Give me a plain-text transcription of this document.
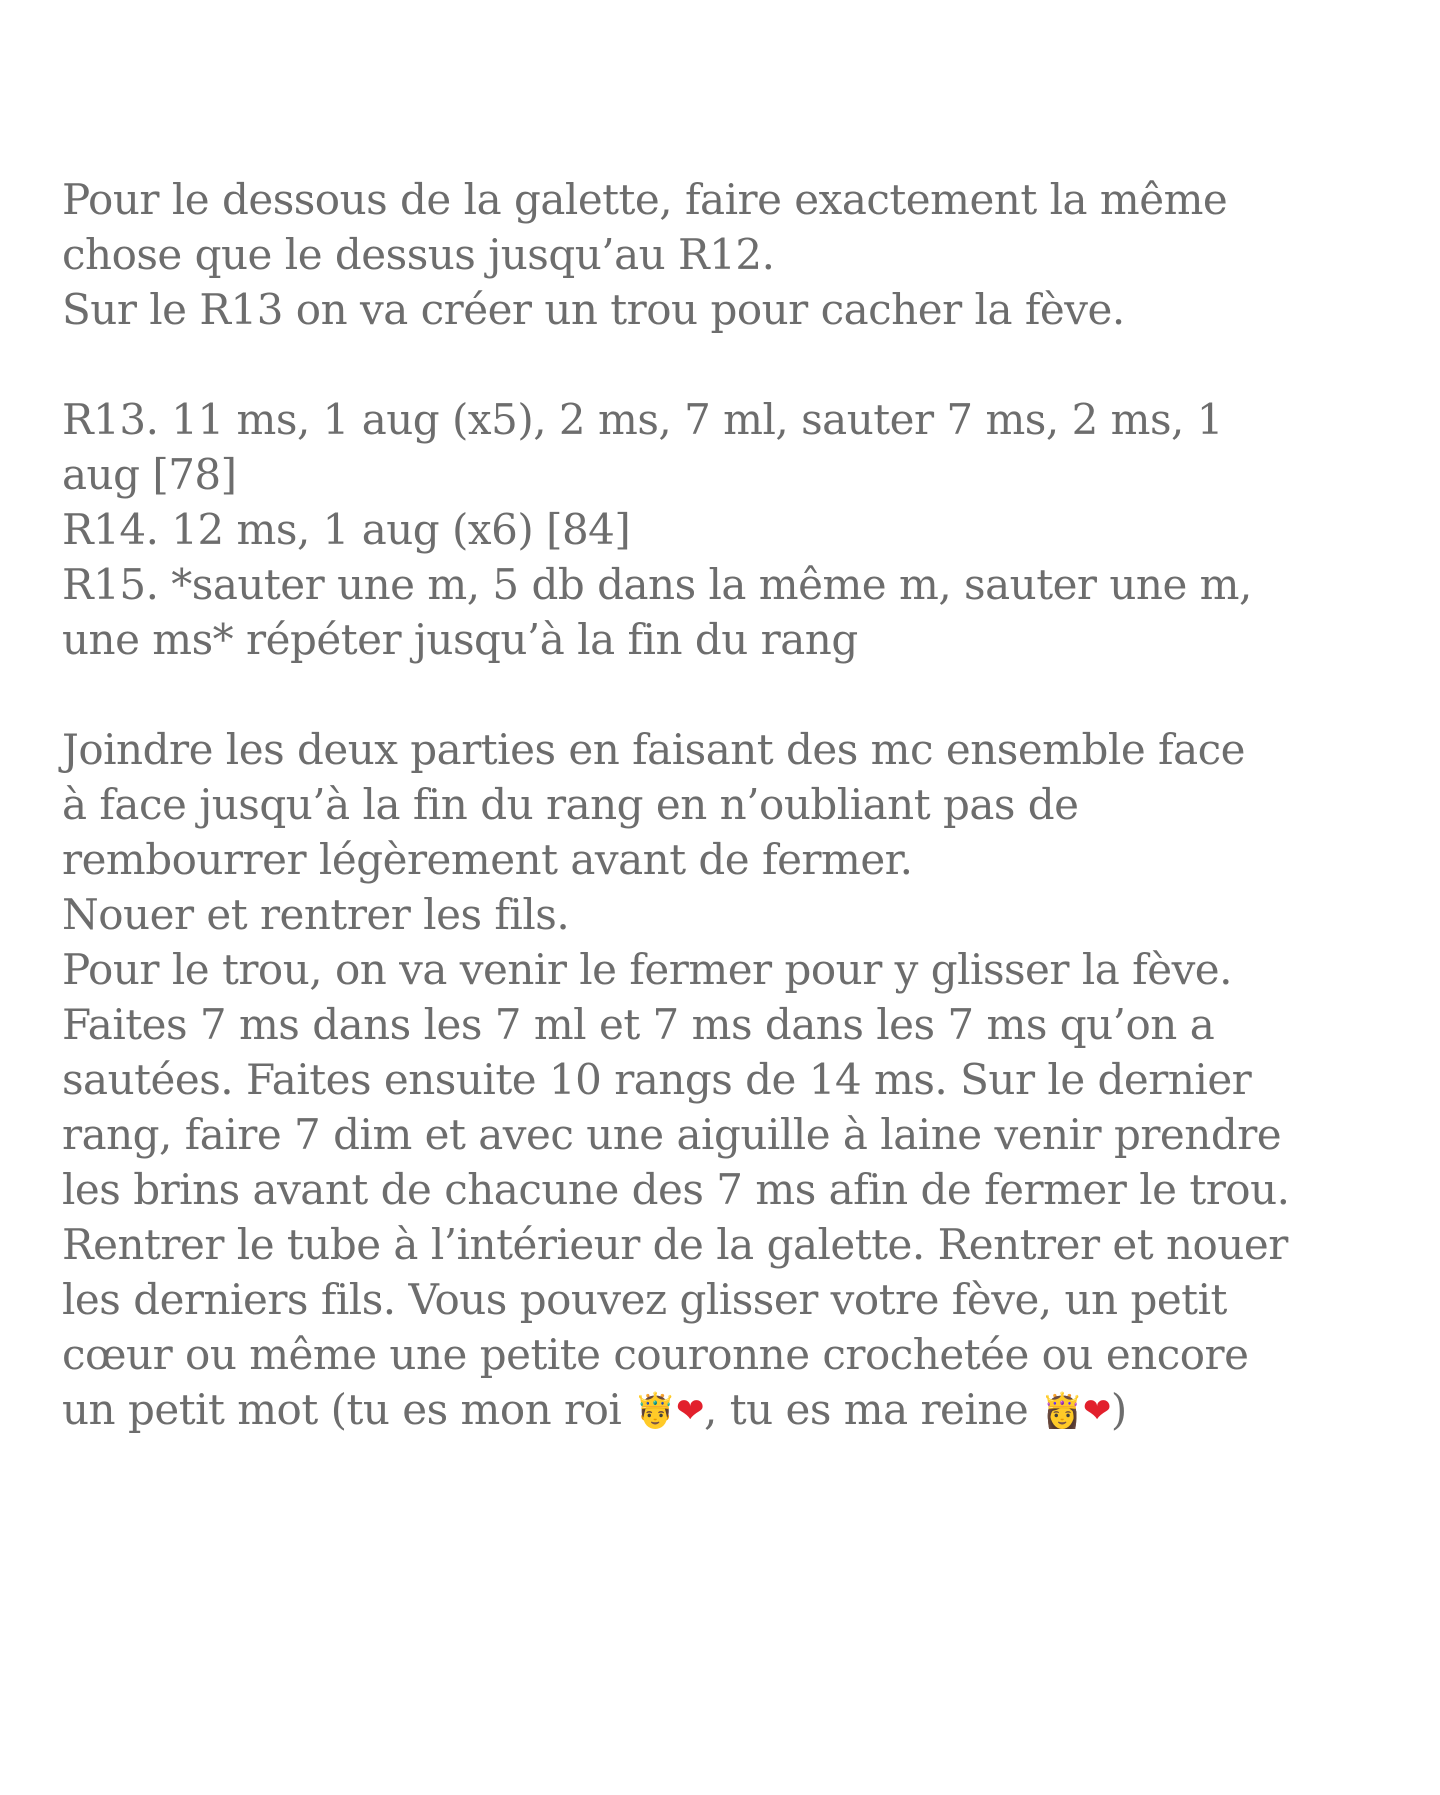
Pour le dessous de la galette, faire exactement la même
chose que le dessus jusqu’au R12.
Sur le R13 on va créer un trou pour cacher la fève.
R13. 11 ms, 1 aug (x5), 2 ms, 7 ml, sauter 7 ms, 2 ms, 1
aug [78]
R14. 12 ms, 1 aug (x6) [84]
R15. *sauter une m, 5 db dans la même m, sauter une m,
une ms* répéter jusqu’à la fin du rang
Joindre les deux parties en faisant des mc ensemble face
à face jusqu’à la fin du rang en n’oubliant pas de
rembourrer légèrement avant de fermer.
Nouer et rentrer les fils.
Pour le trou, on va venir le fermer pour y glisser la fève.
Faites 7 ms dans les 7 ml et 7 ms dans les 7 ms qu’on a
sautées. Faites ensuite 10 rangs de 14 ms. Sur le dernier
rang, faire 7 dim et avec une aiguille à laine venir prendre
les brins avant de chacune des 7 ms afin de fermer le trou.
Rentrer le tube à l’intérieur de la galette. Rentrer et nouer
les derniers fils. Vous pouvez glisser votre fève, un petit
cœur ou même une petite couronne crochetée ou encore
un petit mot (tu es mon roi 🤴❤, tu es ma reine 👸❤)
